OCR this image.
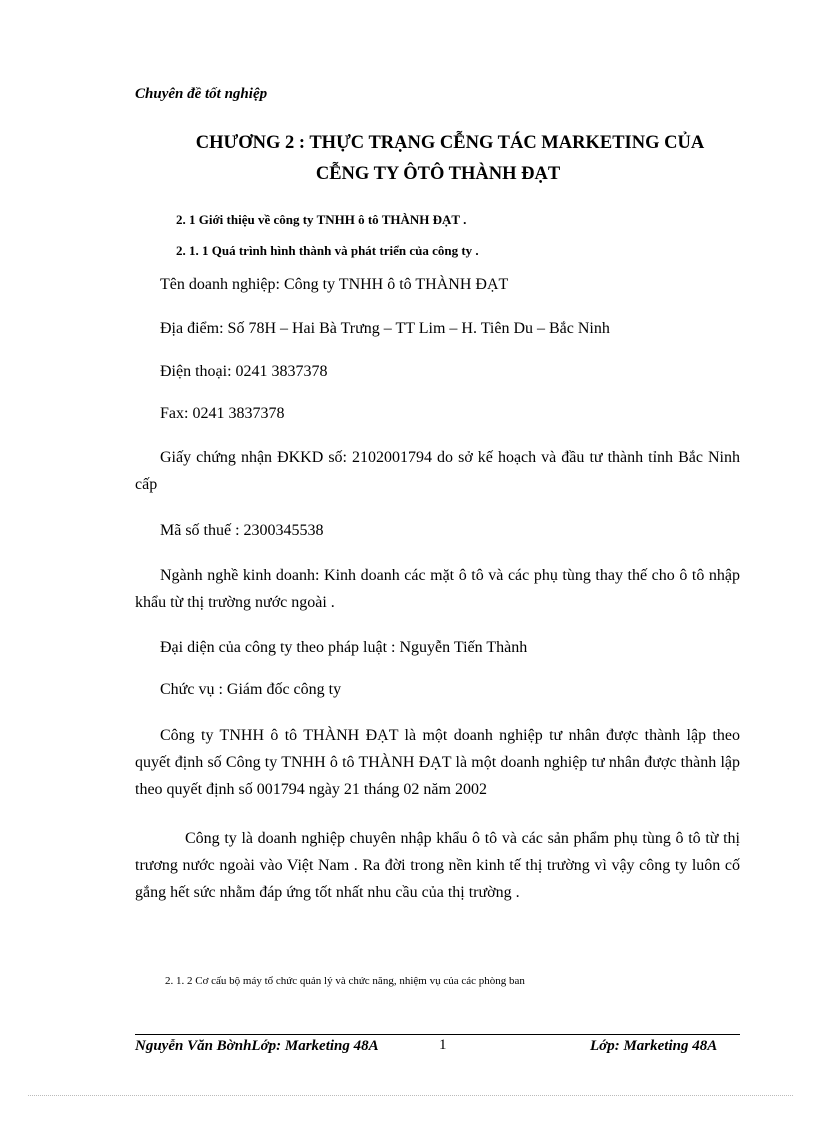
Chuyên đề tốt nghiệp
CHƯƠNG 2 : THỰC TRẠNG CỄNG TÁC MARKETING CỦA
CỄNG TY ÔTÔ THÀNH ĐẠT
2. 1 Giới thiệu về công ty TNHH ô tô THÀNH ĐẠT .
2. 1. 1 Quá trình hình thành và phát triển của công ty .
Tên doanh nghiệp: Công ty TNHH ô tô THÀNH ĐẠT
Địa điểm: Số 78H – Hai Bà Trưng – TT Lim – H. Tiên Du – Bắc Ninh
Điện thoại: 0241 3837378
Fax: 0241 3837378
Giấy chứng nhận ĐKKD số: 2102001794 do sở kế hoạch và đầu tư thành tỉnh Bắc Ninh cấp
Mã số thuế : 2300345538
Ngành nghề kinh doanh: Kinh doanh các mặt ô tô và các phụ tùng thay thế cho ô tô nhập khẩu từ thị trường nước ngoài .
Đại diện của công ty theo pháp luật : Nguyễn Tiến Thành
Chức vụ : Giám đốc công ty
Công ty TNHH ô tô THÀNH ĐẠT là một doanh nghiệp tư nhân được thành lập theo quyết định số Công ty TNHH ô tô THÀNH ĐẠT là một doanh nghiệp tư nhân được thành lập theo quyết định số 001794 ngày 21 tháng 02 năm 2002
Công ty là doanh nghiệp chuyên nhập khẩu ô tô và các sản phẩm phụ tùng ô tô từ thị trương nước ngoài vào Việt Nam . Ra đời trong nền kinh tế thị trường vì vậy công ty luôn cố gắng hết sức nhằm đáp ứng tốt nhất nhu cầu của thị trường .
2. 1. 2 Cơ cấu bộ máy tổ chức quản lý và chức năng, nhiệm vụ của các phòng ban
Nguyễn Văn BờnhLớp: Marketing 48A	1	Lớp: Marketing 48A
